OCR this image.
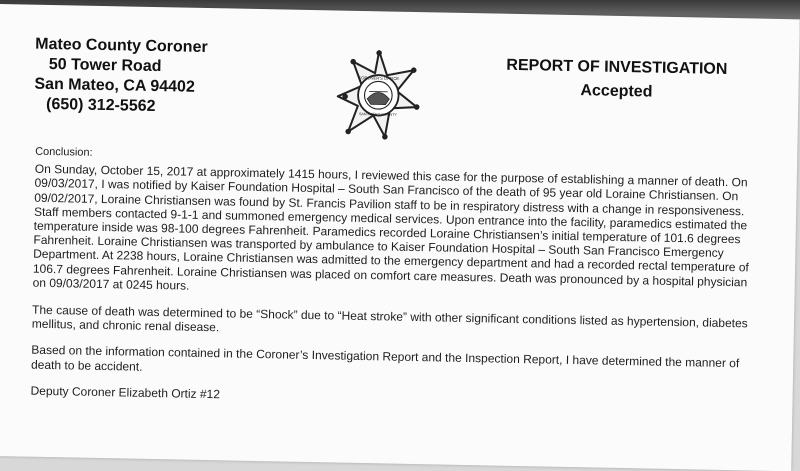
Mateo County Coroner
50 Tower Road
San Mateo, CA 94402
(650) 312-5562
CORONER'S OFFICE
SAN MATEO COUNTY
REPORT OF INVESTIGATION
Accepted
Conclusion:

On Sunday, October 15, 2017 at approximately 1415 hours, I reviewed this case for the purpose of establishing a manner of death. On 09/03/2017, I was notified by Kaiser Foundation Hospital – South San Francisco of the death of 95 year old Loraine Christiansen. On 09/02/2017, Loraine Christiansen was found by St. Francis Pavilion staff to be in respiratory distress with a change in responsiveness. Staff members contacted 9-1-1 and summoned emergency medical services. Upon entrance into the facility, paramedics estimated the temperature inside was 98-100 degrees Fahrenheit. Paramedics recorded Loraine Christiansen’s initial temperature of 101.6 degrees Fahrenheit. Loraine Christiansen was transported by ambulance to Kaiser Foundation Hospital – South San Francisco Emergency Department. At 2238 hours, Loraine Christiansen was admitted to the emergency department and had a recorded rectal temperature of 106.7 degrees Fahrenheit. Loraine Christiansen was placed on comfort care measures. Death was pronounced by a hospital physician on 09/03/2017 at 0245 hours.

The cause of death was determined to be “Shock” due to “Heat stroke” with other significant conditions listed as hypertension, diabetes mellitus, and chronic renal disease.

Based on the information contained in the Coroner’s Investigation Report and the Inspection Report, I have determined the manner of death to be accident.

Deputy Coroner Elizabeth Ortiz #12
